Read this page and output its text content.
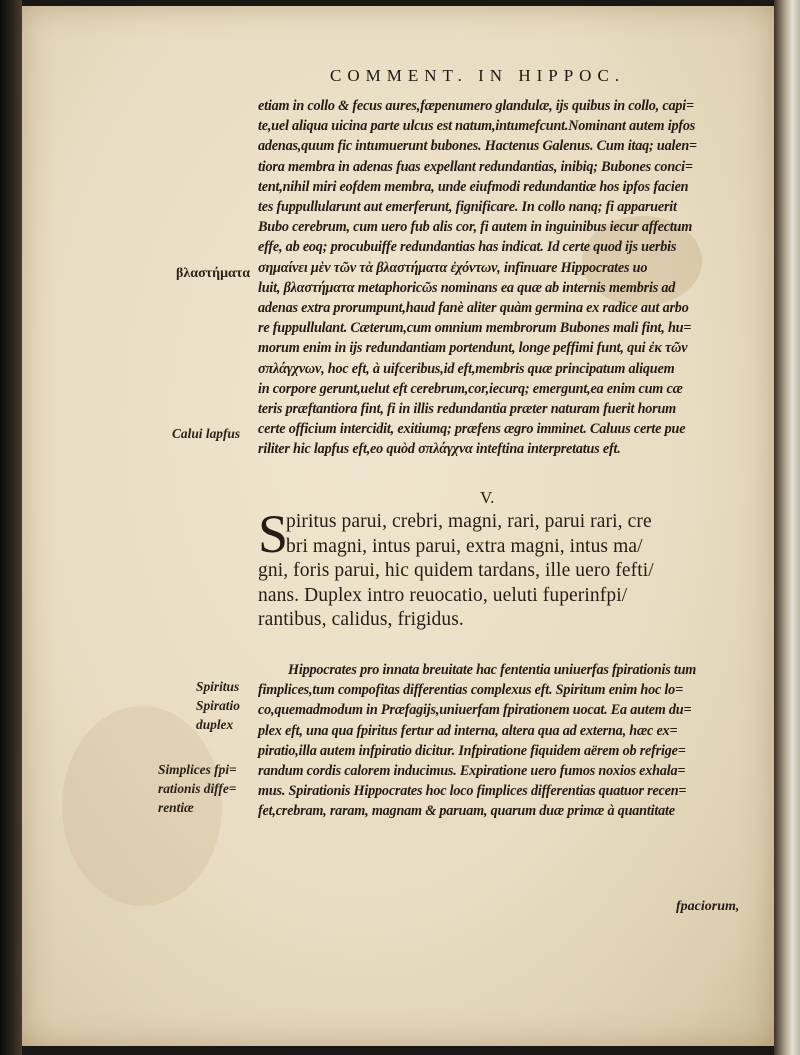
COMMENT. IN HIPPOC.
etiam in collo & fecus aures,fæpenumero glandulæ, ijs quibus in collo, capi=
te,uel aliqua uicina parte ulcus est natum,intumefcunt.Nominant autem ipfos
adenas,quum fic intumuerunt bubones. Hactenus Galenus. Cum itaq; ualen=
tiora membra in adenas fuas expellant redundantias, inibiq; Bubones conci=
tent,nihil miri eofdem membra, unde eiufmodi redundantiæ hos ipfos facien
tes fuppullularunt aut emerferunt, fignificare. In collo nanq; fi apparuerit
Bubo cerebrum, cum uero fub alis cor, fi autem in inguinibus iecur affectum
effe, ab eoq; procubuiffe redundantias has indicat. Id certe quod ijs uerbis
σημαίνει μὲν τῶν τὰ βλαστήματα ἐχόντων, infinuare Hippocrates uo
luit, βλαστήματα metaphoricῶs nominans ea quæ ab internis membris ad
adenas extra prorumpunt,haud fanè aliter quàm germina ex radice aut arbo
re fuppullulant. Cæterum,cum omnium membrorum Bubones mali fint, hu=
morum enim in ijs redundantiam portendunt, longe peffimi funt, qui ἐκ τῶν
σπλάγχνων, hoc eft, à uifceribus,id eft,membris quæ principatum aliquem
in corpore gerunt,uelut eft cerebrum,cor,iecurq; emergunt,ea enim cum cæ
teris præftantiora fint, fi in illis redundantia præter naturam fuerit horum
certe officium intercidit, exitiumq; præfens ægro imminet. Caluus certe pue
riliter hic lapfus eft,eo quòd σπλάγχνα inteftina interpretatus eft.
βλαστήματα
Calui lapfus
V.
S
piritus parui, crebri, magni, rari, parui rari, cre
bri magni, intus parui, extra magni, intus ma/
gni, foris parui, hic quidem tardans, ille uero fefti/
nans. Duplex intro reuocatio, ueluti fuperinfpi/
rantibus, calidus, frigidus.
Hippocrates pro innata breuitate hac fententia uniuerfas fpirationis tum
fimplices,tum compofitas differentias complexus eft. Spiritum enim hoc lo=
co,quemadmodum in Præfagijs,uniuerfam fpirationem uocat. Ea autem du=
plex eft, una qua fpiritus fertur ad interna, altera qua ad externa, hæc ex=
piratio,illa autem infpiratio dicitur. Infpiratione fiquidem aërem ob refrige=
randum cordis calorem inducimus. Expiratione uero fumos noxios exhala=
mus. Spirationis Hippocrates hoc loco fimplices differentias quatuor recen=
fet,crebram, raram, magnam & paruam, quarum duæ primæ à quantitate
fpaciorum,
Spiritus
Spiratio
duplex
Simplices fpi=
rationis diffe=
rentiæ
